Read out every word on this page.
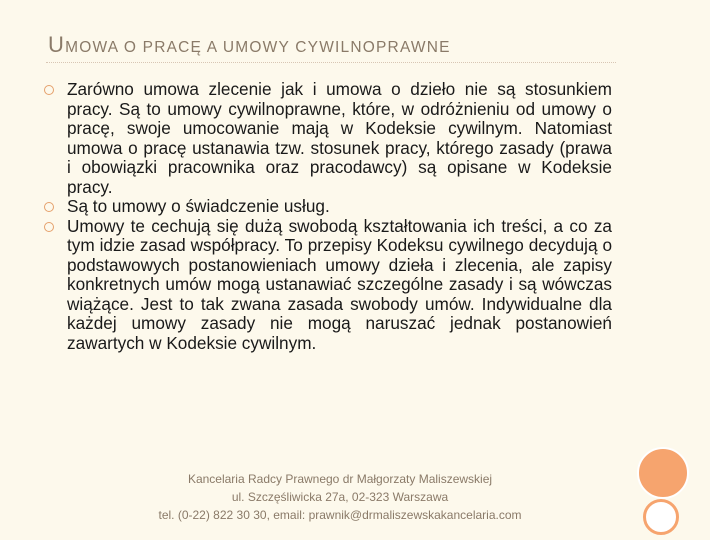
UMOWA O PRACĘ A UMOWY CYWILNOPRAWNE
Zarówno umowa zlecenie jak i umowa o dzieło nie są stosunkiem pracy. Są to umowy cywilnoprawne, które, w odróżnieniu od umowy o pracę, swoje umocowanie mają w Kodeksie cywilnym. Natomiast umowa o pracę ustanawia tzw. stosunek pracy, którego zasady (prawa i obowiązki pracownika oraz pracodawcy) są opisane w Kodeksie pracy.
Są to umowy o świadczenie usług.
Umowy te cechują się dużą swobodą kształtowania ich treści, a co za tym idzie zasad współpracy. To przepisy Kodeksu cywilnego decydują o podstawowych postanowieniach umowy dzieła i zlecenia, ale zapisy konkretnych umów mogą ustanawiać szczególne zasady i są wówczas wiążące. Jest to tak zwana zasada swobody umów. Indywidualne dla każdej umowy zasady nie mogą naruszać jednak postanowień zawartych w Kodeksie cywilnym.
Kancelaria Radcy Prawnego dr Małgorzaty Maliszewskiej
ul. Szczęśliwicka 27a, 02-323 Warszawa
tel. (0-22) 822 30 30, email: prawnik@drmaliszewskakancelaria.com
